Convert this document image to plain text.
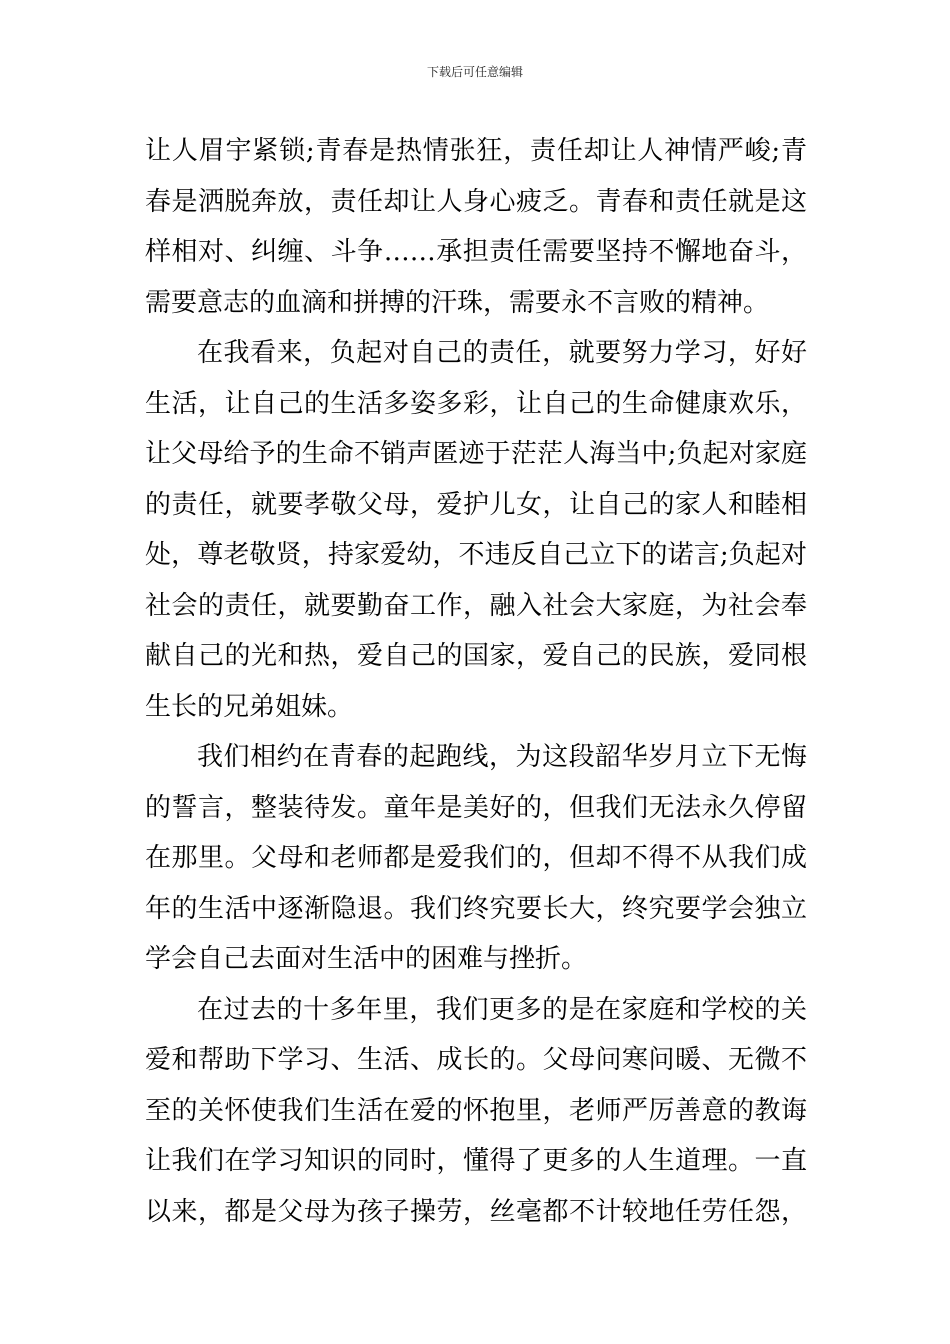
下载后可任意编辑
让人眉宇紧锁;青春是热情张狂，责任却让人神情严峻;青
春是洒脱奔放，责任却让人身心疲乏。青春和责任就是这
样相对、纠缠、斗争……承担责任需要坚持不懈地奋斗，
需要意志的血滴和拼搏的汗珠，需要永不言败的精神。
在我看来，负起对自己的责任，就要努力学习，好好
生活，让自己的生活多姿多彩，让自己的生命健康欢乐，
让父母给予的生命不销声匿迹于茫茫人海当中;负起对家庭
的责任，就要孝敬父母，爱护儿女，让自己的家人和睦相
处，尊老敬贤，持家爱幼，不违反自己立下的诺言;负起对
社会的责任，就要勤奋工作，融入社会大家庭，为社会奉
献自己的光和热，爱自己的国家，爱自己的民族，爱同根
生长的兄弟姐妹。
我们相约在青春的起跑线，为这段韶华岁月立下无悔
的誓言，整装待发。童年是美好的，但我们无法永久停留
在那里。父母和老师都是爱我们的，但却不得不从我们成
年的生活中逐渐隐退。我们终究要长大，终究要学会独立
学会自己去面对生活中的困难与挫折。
在过去的十多年里，我们更多的是在家庭和学校的关
爱和帮助下学习、生活、成长的。父母问寒问暖、无微不
至的关怀使我们生活在爱的怀抱里，老师严厉善意的教诲
让我们在学习知识的同时，懂得了更多的人生道理。一直
以来，都是父母为孩子操劳，丝毫都不计较地任劳任怨，
